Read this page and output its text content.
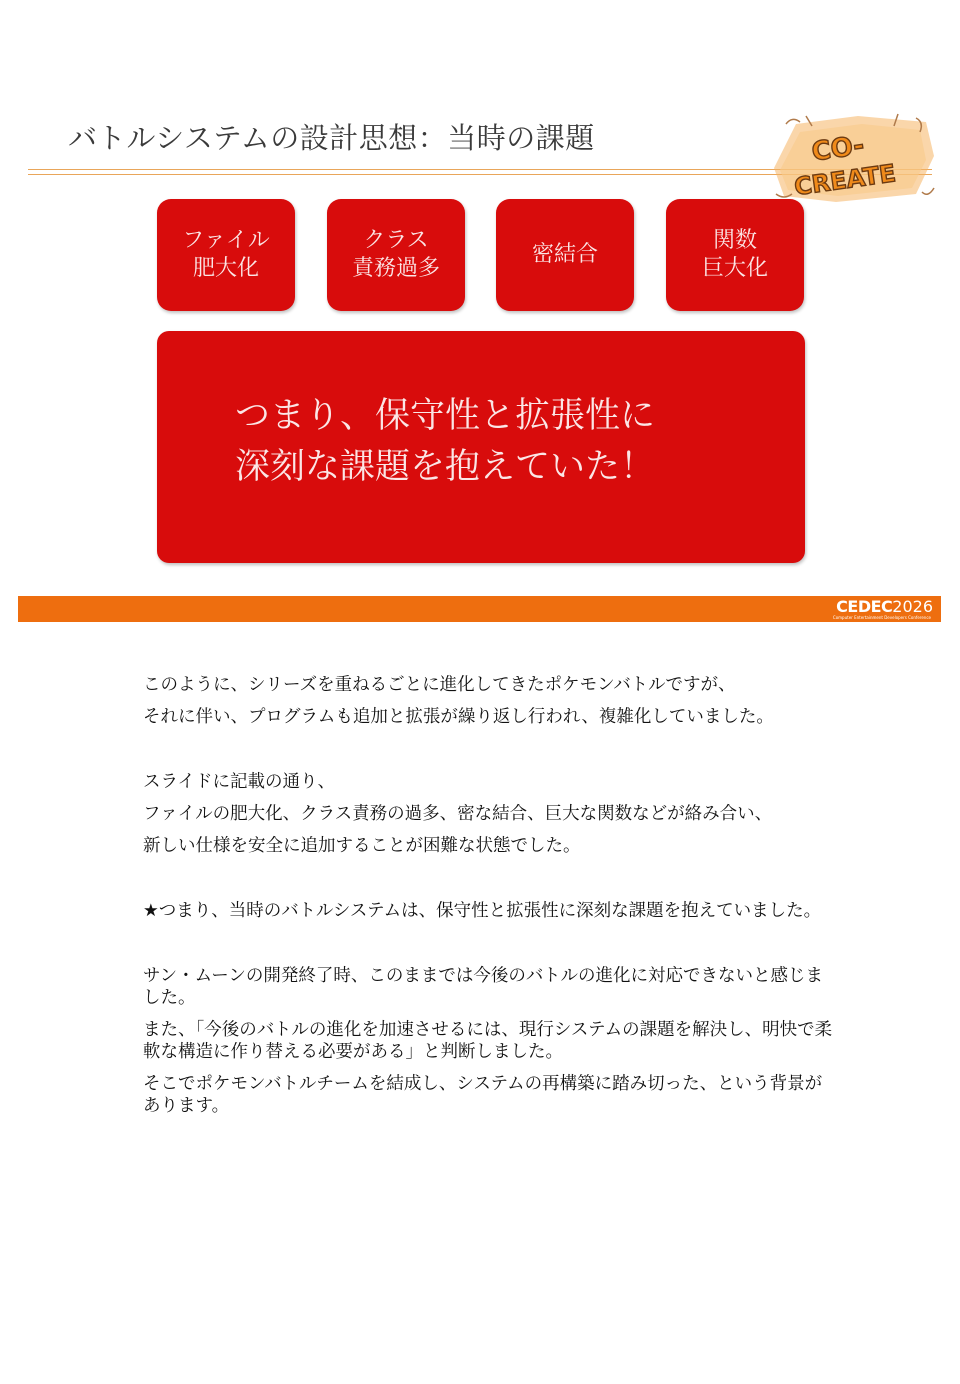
バトルシステムの設計思想：当時の課題	CO-
CREATE
ファイル
肥大化
クラス
責務過多
密結合
関数
巨大化
つまり、保守性と拡張性に
深刻な課題を抱えていた！
CEDEC2026
Computer Entertainment Developers Conference

このように、シリーズを重ねるごとに進化してきたポケモンバトルですが、

それに伴い、プログラムも追加と拡張が繰り返し行われ、複雑化していました。

スライドに記載の通り、

ファイルの肥大化、クラス責務の過多、密な結合、巨大な関数などが絡み合い、

新しい仕様を安全に追加することが困難な状態でした。

★つまり、当時のバトルシステムは、保守性と拡張性に深刻な課題を抱えていました。

サン・ムーンの開発終了時、このままでは今後のバトルの進化に対応できないと感じました。

また、「今後のバトルの進化を加速させるには、現行システムの課題を解決し、明快で柔軟な構造に作り替える必要がある」と判断しました。

そこでポケモンバトルチームを結成し、システムの再構築に踏み切った、という背景があります。
